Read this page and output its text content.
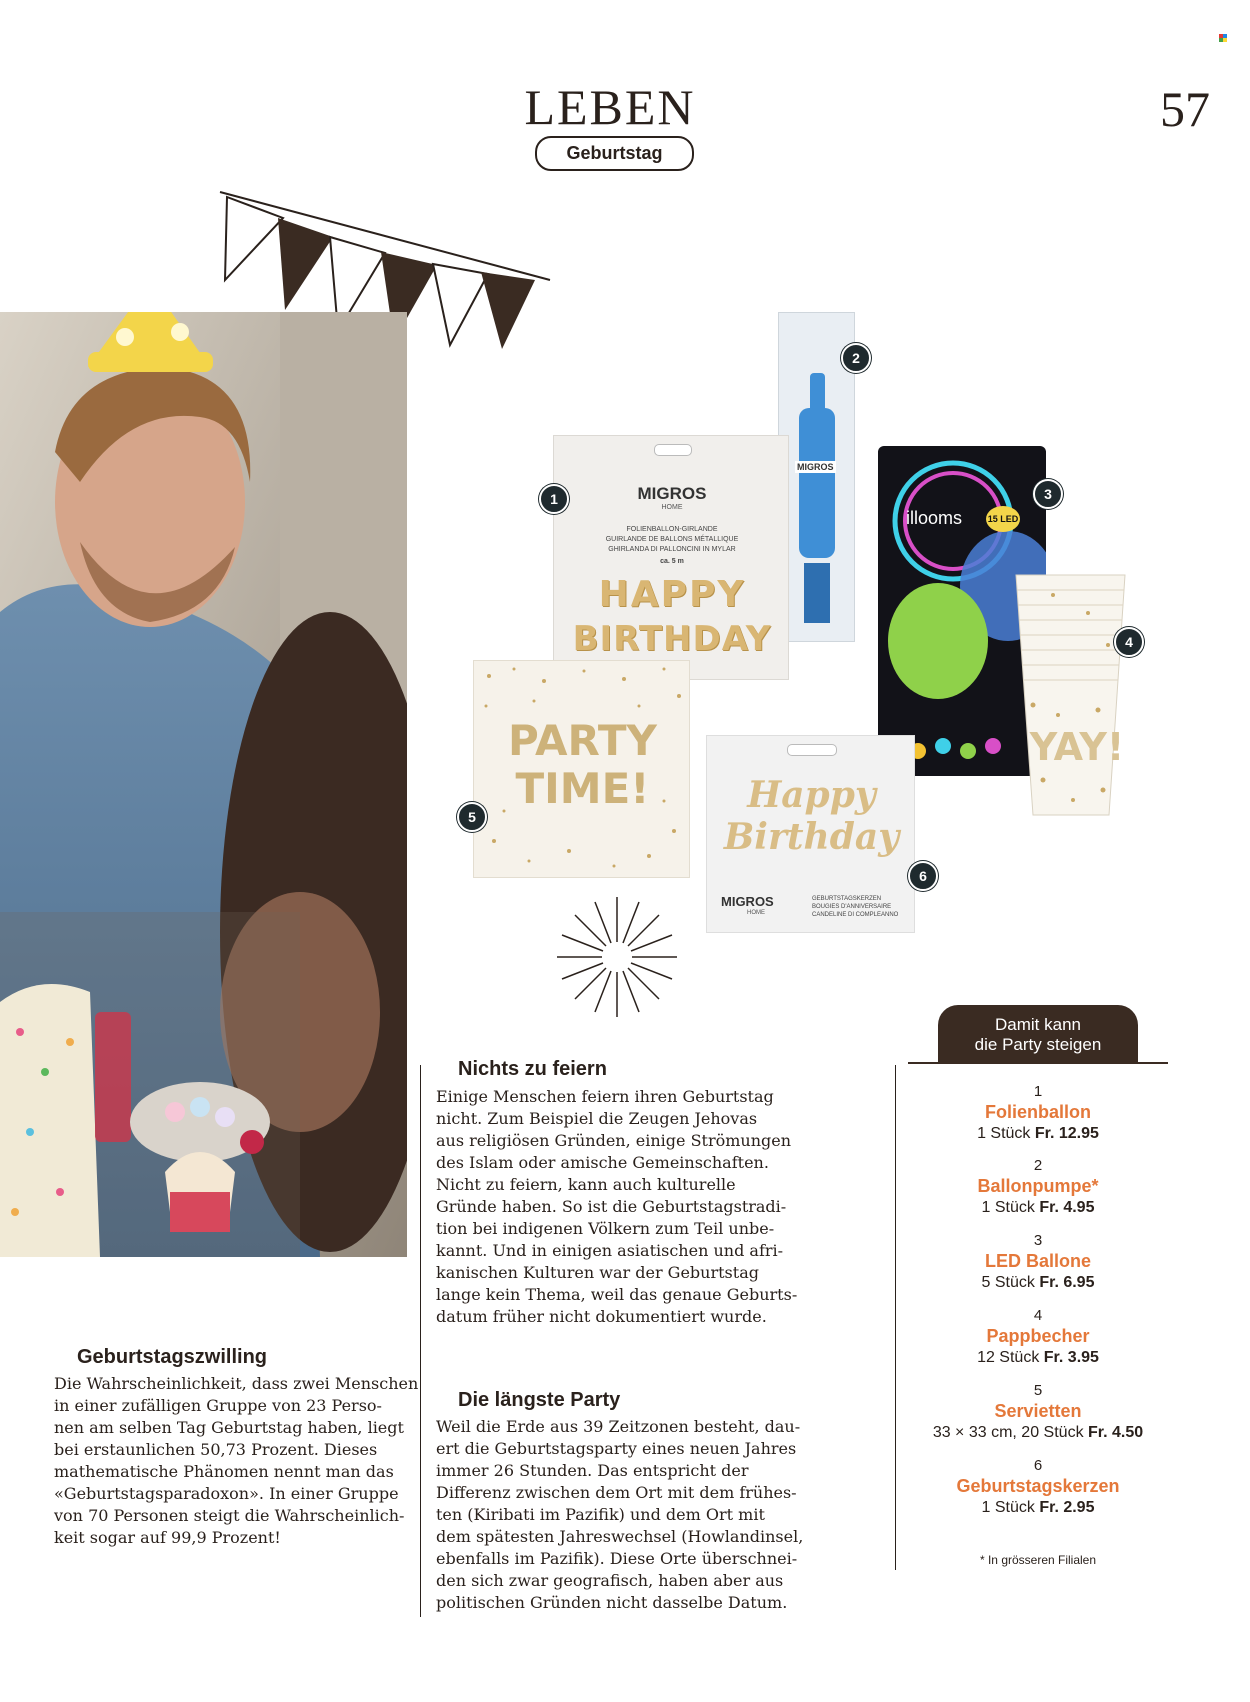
LEBEN
Geburtstag
57
MIGROS
2
MIGROS
HOME
FOLIENBALLON-GIRLANDE
GUIRLANDE DE BALLONS MÉTALLIQUE
GHIRLANDA DI PALLONCINI IN MYLAR
ca. 5 m
HAPPY
BIRTHDAY
1
illooms	15 LED
3
YAY!
4
PARTY
TIME!
5
Happy
Birthday
MIGROS
HOME
GEBURTSTAGSKERZEN
BOUGIES D'ANNIVERSAIRE
CANDELINE DI COMPLEANNO
6
Nichts zu feiern
Einige Menschen feiern ihren Geburtstag
nicht. Zum Beispiel die Zeugen Jehovas
aus religiösen Gründen, einige Strömungen
des Islam oder amische Gemeinschaften.
Nicht zu feiern, kann auch kulturelle
Gründe haben. So ist die Geburtstagstradi-
tion bei indigenen Völkern zum Teil unbe-
kannt. Und in einigen asiatischen und afri-
kanischen Kulturen war der Geburtstag
lange kein Thema, weil das genaue Geburts-
datum früher nicht dokumentiert wurde.
Geburtstagszwilling
Die Wahrscheinlichkeit, dass zwei Menschen
in einer zufälligen Gruppe von 23 Perso-
nen am selben Tag Geburtstag haben, liegt
bei erstaunlichen 50,73 Prozent. Dieses
mathematische Phänomen nennt man das
«Geburtstagsparadoxon». In einer Gruppe
von 70 Personen steigt die Wahrscheinlich-
keit sogar auf 99,9 Prozent!
Die längste Party
Weil die Erde aus 39 Zeitzonen besteht, dau-
ert die Geburtstagsparty eines neuen Jahres
immer 26 Stunden. Das entspricht der
Differenz zwischen dem Ort mit dem frühes-
ten (Kiribati im Pazifik) und dem Ort mit
dem spätesten Jahreswechsel (Howlandinsel,
ebenfalls im Pazifik). Diese Orte überschnei-
den sich zwar geografisch, haben aber aus
politischen Gründen nicht dasselbe Datum.
Damit kann
die Party steigen
1
Folienballon
1 Stück Fr. 12.95
2
Ballonpumpe*
1 Stück Fr. 4.95
3
LED Ballone
5 Stück Fr. 6.95
4
Pappbecher
12 Stück Fr. 3.95
5
Servietten
33 × 33 cm, 20 Stück Fr. 4.50
6
Geburtstagskerzen
1 Stück Fr. 2.95
* In grösseren Filialen
